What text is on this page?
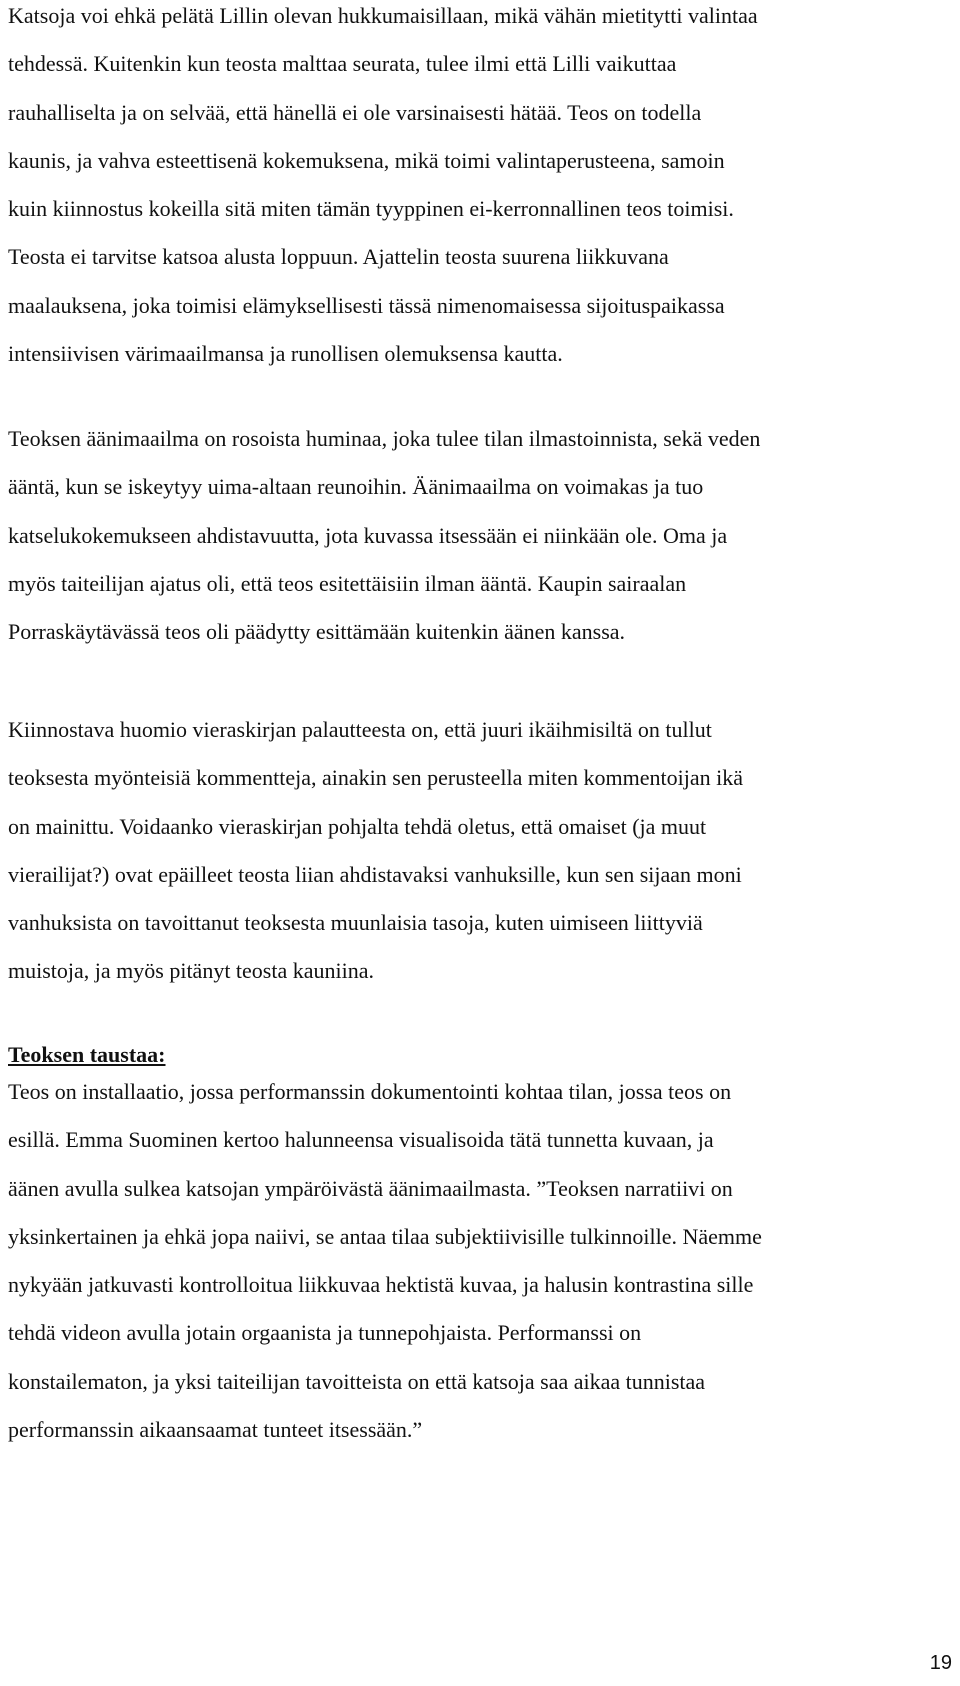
Katsoja voi ehkä pelätä Lillin olevan hukkumaisillaan, mikä vähän mietitytti valintaa
tehdessä. Kuitenkin kun teosta malttaa seurata, tulee ilmi että Lilli vaikuttaa
rauhalliselta ja on selvää, että hänellä ei ole varsinaisesti hätää. Teos on todella
kaunis, ja vahva esteettisenä kokemuksena, mikä toimi valintaperusteena, samoin
kuin kiinnostus kokeilla sitä miten tämän tyyppinen ei-kerronnallinen teos toimisi.
Teosta ei tarvitse katsoa alusta loppuun. Ajattelin teosta suurena liikkuvana
maalauksena, joka toimisi elämyksellisesti tässä nimenomaisessa sijoituspaikassa
intensiivisen värimaailmansa ja runollisen olemuksensa kautta.

Teoksen äänimaailma on rosoista huminaa, joka tulee tilan ilmastoinnista, sekä veden
ääntä, kun se iskeytyy uima-altaan reunoihin. Äänimaailma on voimakas ja tuo
katselukokemukseen ahdistavuutta, jota kuvassa itsessään ei niinkään ole. Oma ja
myös taiteilijan ajatus oli, että teos esitettäisiin ilman ääntä. Kaupin sairaalan
Porraskäytävässä teos oli päädytty esittämään kuitenkin äänen kanssa.

Kiinnostava huomio vieraskirjan palautteesta on, että juuri ikäihmisiltä on tullut
teoksesta myönteisiä kommentteja, ainakin sen perusteella miten kommentoijan ikä
on mainittu. Voidaanko vieraskirjan pohjalta tehdä oletus, että omaiset (ja muut
vierailijat?) ovat epäilleet teosta liian ahdistavaksi vanhuksille, kun sen sijaan moni
vanhuksista on tavoittanut teoksesta muunlaisia tasoja, kuten uimiseen liittyviä
muistoja, ja myös pitänyt teosta kauniina.

Teoksen taustaa:

Teos on installaatio, jossa performanssin dokumentointi kohtaa tilan, jossa teos on
esillä. Emma Suominen kertoo halunneensa visualisoida tätä tunnetta kuvaan, ja
äänen avulla sulkea katsojan ympäröivästä äänimaailmasta. ”Teoksen narratiivi on
yksinkertainen ja ehkä jopa naiivi, se antaa tilaa subjektiivisille tulkinnoille. Näemme
nykyään jatkuvasti kontrolloitua liikkuvaa hektistä kuvaa, ja halusin kontrastina sille
tehdä videon avulla jotain orgaanista ja tunnepohjaista. Performanssi on
konstailematon, ja yksi taiteilijan tavoitteista on että katsoja saa aikaa tunnistaa
performanssin aikaansaamat tunteet itsessään.”

19
